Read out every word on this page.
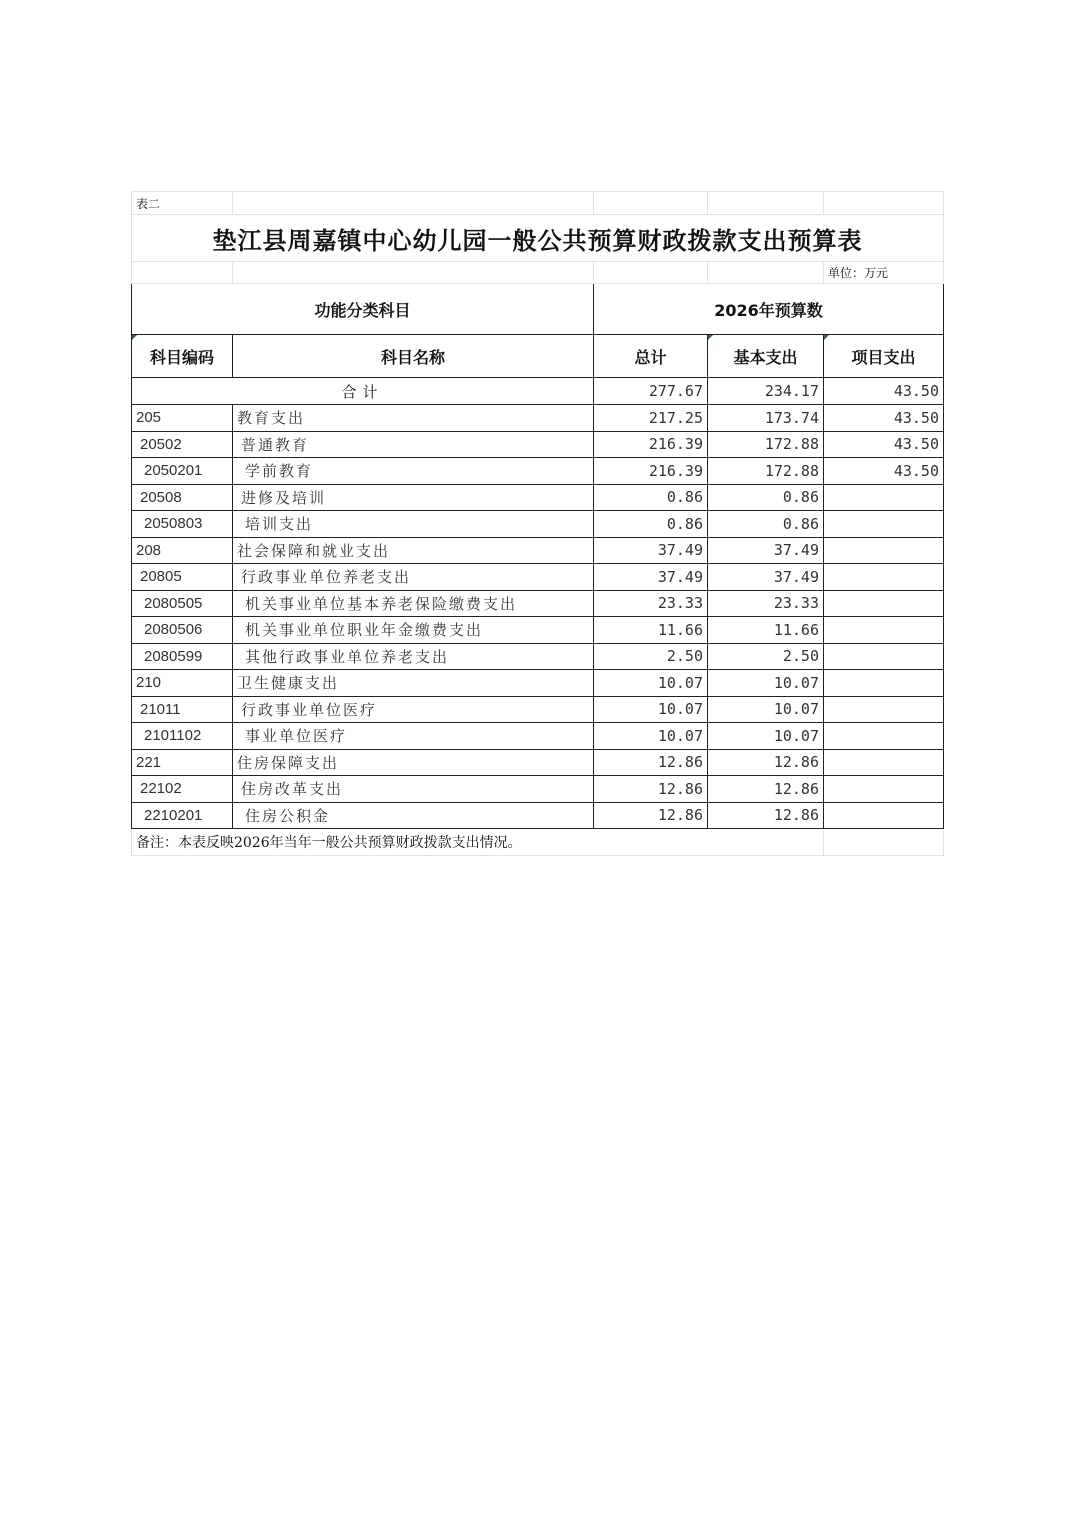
表二				
垫江县周嘉镇中心幼儿园一般公共预算财政拨款支出预算表				
				单位：万元
功能分类科目		2026年预算数		

科目编码	科目名称	总计	基本支出	项目支出
合计		277.67	234.17	43.50
205	教育支出	217.25	173.74	43.50
20502	普通教育	216.39	172.88	43.50
2050201	学前教育	216.39	172.88	43.50
20508	进修及培训	0.86	0.86	
2050803	培训支出	0.86	0.86	
208	社会保障和就业支出	37.49	37.49	
20805	行政事业单位养老支出	37.49	37.49	
2080505	机关事业单位基本养老保险缴费支出	23.33	23.33	
2080506	机关事业单位职业年金缴费支出	11.66	11.66	
2080599	其他行政事业单位养老支出	2.50	2.50	
210	卫生健康支出	10.07	10.07	
21011	行政事业单位医疗	10.07	10.07	
2101102	事业单位医疗	10.07	10.07	
221	住房保障支出	12.86	12.86	
22102	住房改革支出	12.86	12.86	
2210201	住房公积金	12.86	12.86	
备注：本表反映2026年当年一般公共预算财政拨款支出情况。				
